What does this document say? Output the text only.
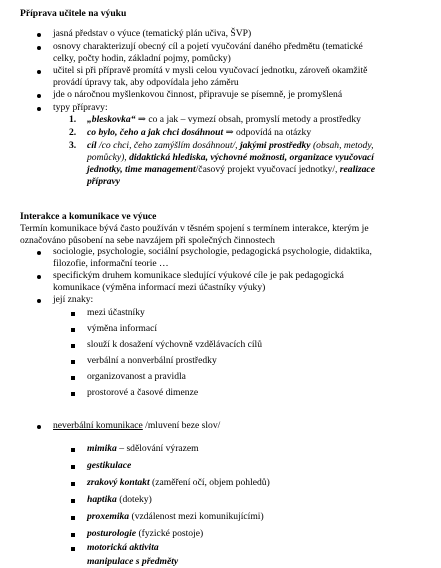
Příprava učitele na výuku
jasná představ o výuce (tematický plán učiva, ŠVP)
osnovy charakterizují obecný cíl a pojetí vyučování daného předmětu (tematické
celky, počty hodin, základní pojmy, pomůcky)
učitel si při přípravě promítá v mysli celou vyučovací jednotku, zároveň okamžitě
provádí úpravy tak, aby odpovídala jeho záměru
jde o náročnou myšlenkovou činnost, připravuje se písemně, je promyšlená
typy přípravy:
1. „bleskovka“ ⇒ co a jak – vymezí obsah, promyslí metody a prostředky
2. co bylo, čeho a jak chci dosáhnout ⇒ odpovídá na otázky
3. cíl /co chci, čeho zamýšlím dosáhnout/, jakými prostředky (obsah, metody,
pomůcky), didaktická hlediska, výchovné možnosti, organizace vyučovací
jednotky, time management/časový projekt vyučovací jednotky/, realizace
přípravy
Interakce a komunikace ve výuce
Termín komunikace bývá často používán v těsném spojení s termínem interakce, kterým je
označováno působení na sebe navzájem při společných činnostech
sociologie, psychologie, sociální psychologie, pedagogická psychologie, didaktika,
filozofie, informační teorie …
specifickým druhem komunikace sledující výukové cíle je pak pedagogická
komunikace (výměna informací mezi účastníky výuky)
její znaky:
mezi účastníky
výměna informací
slouží k dosažení výchovně vzdělávacích cílů
verbální a nonverbální prostředky
organizovanost a pravidla
prostorové a časové dimenze
neverbální komunikace /mluvení beze slov/
mimika – sdělování výrazem
gestikulace
zrakový kontakt (zaměření očí, objem pohledů)
haptika (doteky)
proxemika (vzdálenost mezi komunikujícími)
posturologie (fyzické postoje)
motorická aktivita
manipulace s předměty
